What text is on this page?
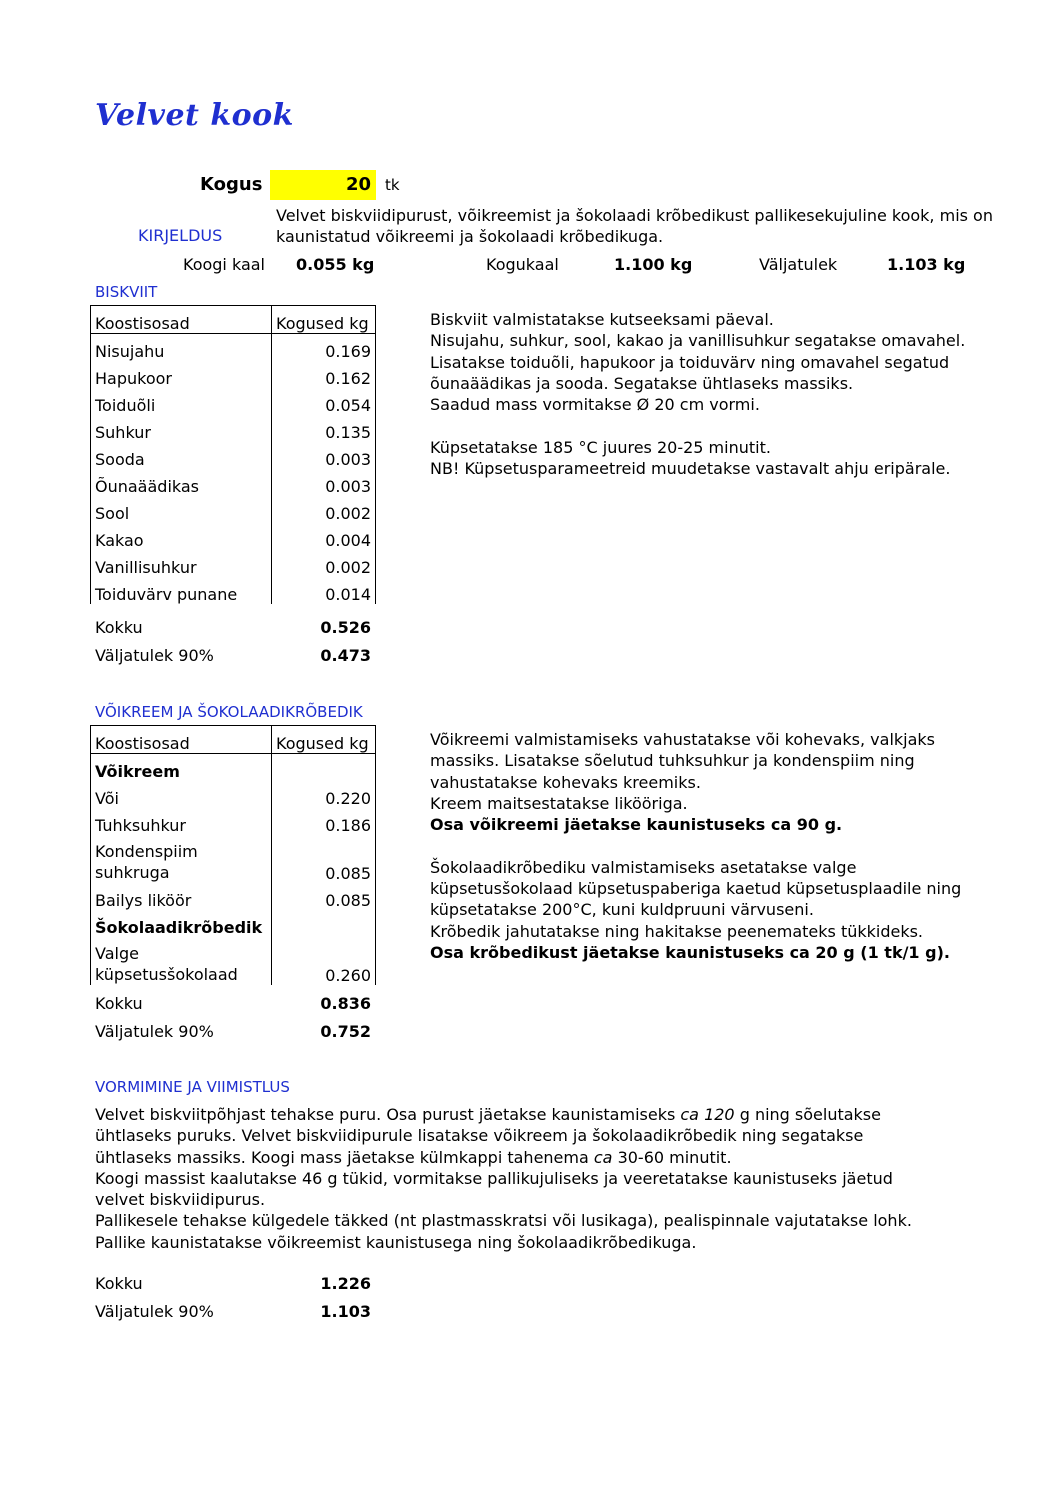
Velvet kook
Kogus	20 tk
Velvet biskviidipurust, võikreemist ja šokolaadi krõbedikust pallikesekujuline kook, mis on
kaunistatud võikreemi ja šokolaadi krõbedikuga.
KIRJELDUS
Koogi kaal 0.055 kg	Kogukaal	1.100 kg	Väljatulek	1.103 kg
BISKVIIT
Koostisosad	Kogused kg
Nisujahu	0.169
Hapukoor	0.162
Toiduõli	0.054
Suhkur	0.135
Sooda	0.003
Õunaäädikas	0.003
Sool	0.002
Kakao	0.004
Vanillisuhkur	0.002
Toiduvärv punane	0.014
Kokku	0.526
Väljatulek 90%	0.473
Biskviit valmistatakse kutseeksami päeval.
Nisujahu, suhkur, sool, kakao ja vanillisuhkur segatakse omavahel.
Lisatakse toiduõli, hapukoor ja toiduvärv ning omavahel segatud
õunaäädikas ja sooda. Segatakse ühtlaseks massiks.
Saadud mass vormitakse Ø 20 cm vormi.
Küpsetatakse 185 °C juures 20-25 minutit.
NB! Küpsetusparameetreid muudetakse vastavalt ahju eripärale.
VÕIKREEM JA ŠOKOLAADIKRÕBEDIK
Koostisosad	Kogused kg
Võikreem	
Või	0.220
Tuhksuhkur	0.186

Kondenspiim
suhkruga	0.085
Bailys liköör	0.085
Šokolaadikrõbedik	

Valge
küpsetusšokolaad	0.260
Kokku	0.836
Väljatulek 90%	0.752
Võikreemi valmistamiseks vahustatakse või kohevaks, valkjaks
massiks. Lisatakse sõelutud tuhksuhkur ja kondenspiim ning
vahustatakse kohevaks kreemiks.
Kreem maitsestatakse likööriga.
Osa võikreemi jäetakse kaunistuseks ca 90 g.
Šokolaadikrõbediku valmistamiseks asetatakse valge
küpsetusšokolaad küpsetuspaberiga kaetud küpsetusplaadile ning
küpsetatakse 200°C, kuni kuldpruuni värvuseni.
Krõbedik jahutatakse ning hakitakse peenemateks tükkideks.
Osa krõbedikust jäetakse kaunistuseks ca 20 g (1 tk/1 g).
VORMIMINE JA VIIMISTLUS
Velvet biskviitpõhjast tehakse puru. Osa purust jäetakse kaunistamiseks ca 120 g ning sõelutakse ühtlaseks puruks. Velvet biskviidipurule lisatakse võikreem ja šokolaadikrõbedik ning segatakse ühtlaseks massiks. Koogi mass jäetakse külmkappi tahenema ca 30-60 minutit.
Koogi massist kaalutakse 46 g tükid, vormitakse pallikujuliseks ja veeretatakse kaunistuseks jäetud velvet biskviidipurus.
Pallikesele tehakse külgedele täkked (nt plastmasskratsi või lusikaga), pealispinnale vajutatakse lohk.
Pallike kaunistatakse võikreemist kaunistusega ning šokolaadikrõbedikuga.
Kokku	1.226
Väljatulek 90%	1.103
